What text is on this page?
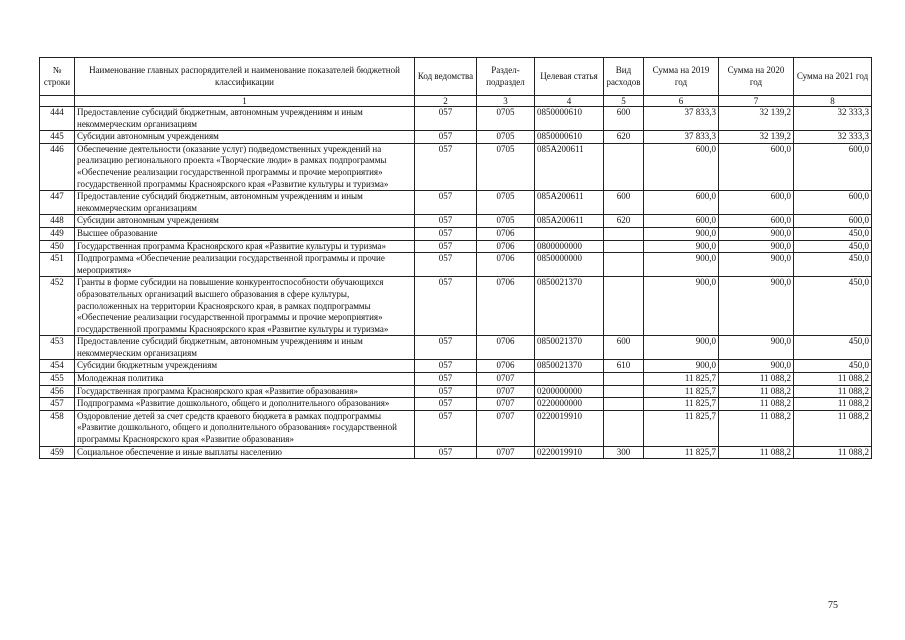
№ строки	Наименование главных распорядителей и наименование показателей бюджетной классификации	Код ведомства	Раздел-подраздел	Целевая статья	Вид расходов	Сумма на 2019 год	Сумма на 2020 год	Сумма на 2021 год
	1	2	3	4	5	6	7	8
444	Предоставление субсидий бюджетным, автономным учреждениям и иным некоммерческим организациям	057	0705	0850000610	600	37 833,3	32 139,2	32 333,3
445	Субсидии автономным учреждениям	057	0705	0850000610	620	37 833,3	32 139,2	32 333,3
446	Обеспечение деятельности (оказание услуг) подведомственных учреждений на реализацию регионального проекта «Творческие люди» в рамках подпрограммы «Обеспечение реализации государственной программы и прочие мероприятия» государственной программы Красноярского края «Развитие культуры и туризма»	057	0705	085A200611		600,0	600,0	600,0
447	Предоставление субсидий бюджетным, автономным учреждениям и иным некоммерческим организациям	057	0705	085A200611	600	600,0	600,0	600,0
448	Субсидии автономным учреждениям	057	0705	085A200611	620	600,0	600,0	600,0
449	Высшее образование	057	0706			900,0	900,0	450,0
450	Государственная программа Красноярского края «Развитие культуры и туризма»	057	0706	0800000000		900,0	900,0	450,0
451	Подпрограмма «Обеспечение реализации государственной программы и прочие мероприятия»	057	0706	0850000000		900,0	900,0	450,0
452	Гранты в форме субсидии на повышение конкурентоспособности обучающихся образовательных организаций высшего образования в сфере культуры, расположенных на территории Красноярского края, в рамках подпрограммы «Обеспечение реализации государственной программы и прочие мероприятия» государственной программы Красноярского края «Развитие культуры и туризма»	057	0706	0850021370		900,0	900,0	450,0
453	Предоставление субсидий бюджетным, автономным учреждениям и иным некоммерческим организациям	057	0706	0850021370	600	900,0	900,0	450,0
454	Субсидии бюджетным учреждениям	057	0706	0850021370	610	900,0	900,0	450,0
455	Молодежная политика	057	0707			11 825,7	11 088,2	11 088,2
456	Государственная программа Красноярского края «Развитие образования»	057	0707	0200000000		11 825,7	11 088,2	11 088,2
457	Подпрограмма «Развитие дошкольного, общего и дополнительного образования»	057	0707	0220000000		11 825,7	11 088,2	11 088,2
458	Оздоровление детей за счет средств краевого бюджета в рамках подпрограммы «Развитие дошкольного, общего и дополнительного образования» государственной программы Красноярского края «Развитие образования»	057	0707	0220019910		11 825,7	11 088,2	11 088,2
459	Социальное обеспечение и иные выплаты населению	057	0707	0220019910	300	11 825,7	11 088,2	11 088,2
75
